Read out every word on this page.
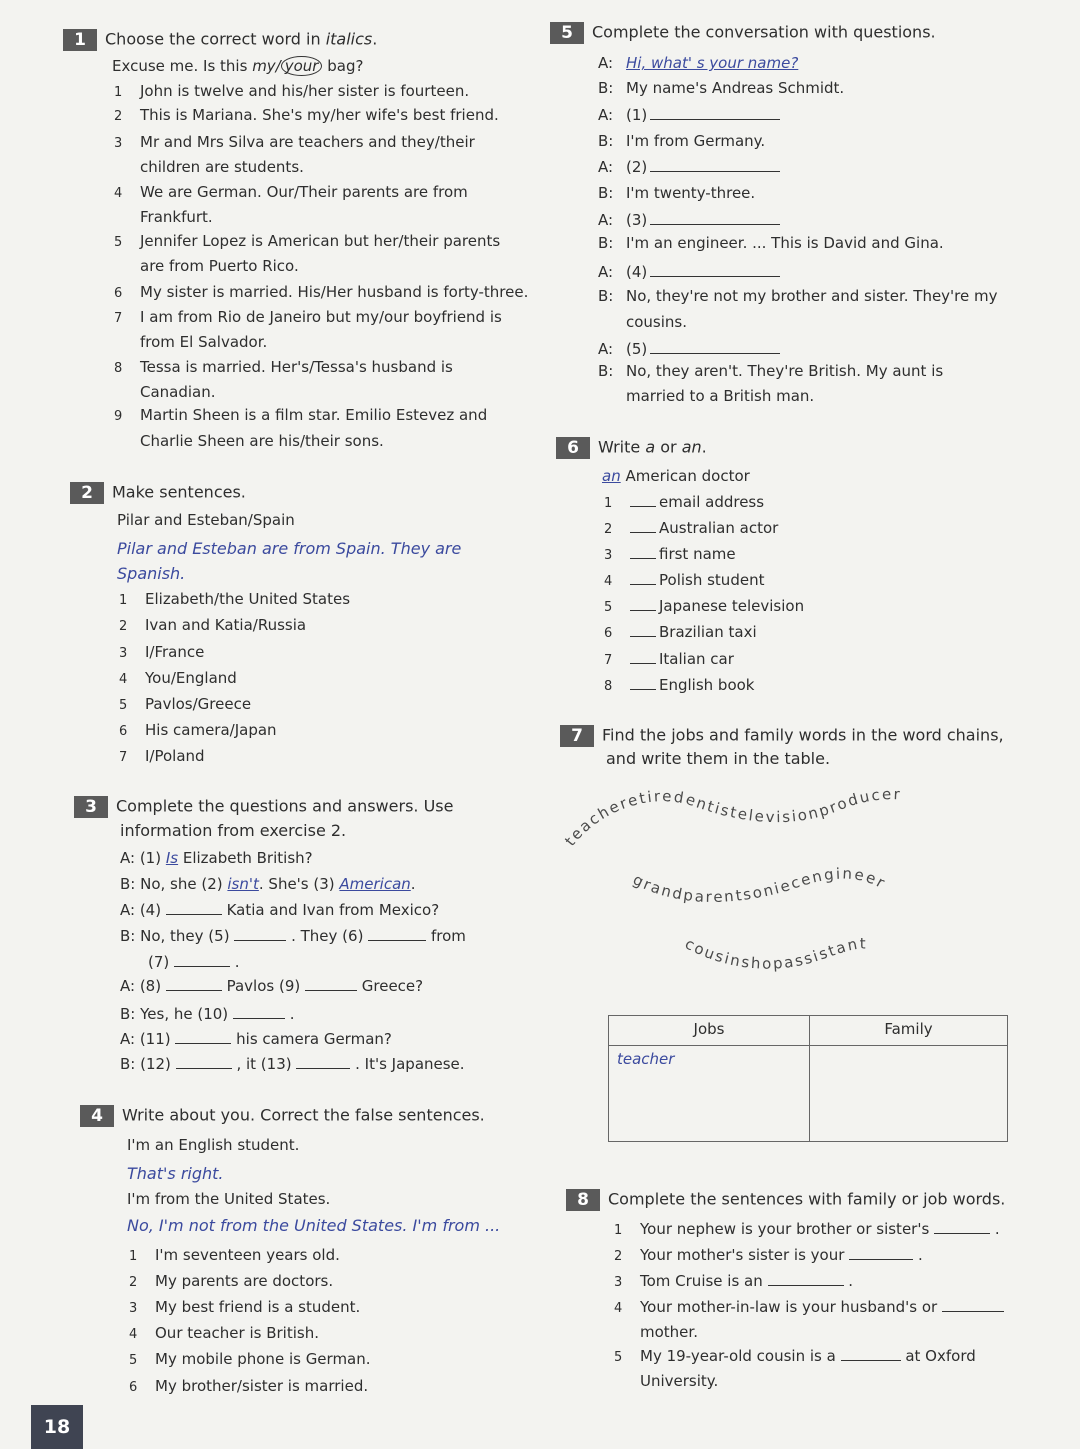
1 Choose the correct word in italics.
Excuse me. Is this my/ your bag?
1 John is twelve and his/her sister is fourteen.
2 This is Mariana. She's my/her wife's best friend.
3 Mr and Mrs Silva are teachers and they/their
children are students.
4 We are German. Our/Their parents are from
Frankfurt.
5 Jennifer Lopez is American but her/their parents
are from Puerto Rico.
6 My sister is married. His/Her husband is forty-three.
7 I am from Rio de Janeiro but my/our boyfriend is
from El Salvador.
8 Tessa is married. Her's/Tessa's husband is
Canadian.
9 Martin Sheen is a film star. Emilio Estevez and
Charlie Sheen are his/their sons.
2 Make sentences.
Pilar and Esteban/Spain
Pilar and Esteban are from Spain. They are
Spanish.
1 Elizabeth/the United States
2 Ivan and Katia/Russia
3 I/France
4 You/England
5 Pavlos/Greece
6 His camera/Japan
7 I/Poland
3 Complete the questions and answers. Use
information from exercise 2.
A: (1) Is Elizabeth British?
B: No, she (2) isn't. She's (3) American.
A: (4)	Katia and Ivan from Mexico?
B: No, they (5)	. They (6)	from
(7)	.
A: (8)	Pavlos (9)	Greece?
B: Yes, he (10)	.
A: (11)	his camera German?
B: (12)	, it (13)	. It's Japanese.
4 Write about you. Correct the false sentences.
I'm an English student.
That's right.
I'm from the United States.
No, I'm not from the United States. I'm from ...
1 I'm seventeen years old.
2 My parents are doctors.
3 My best friend is a student.
4 Our teacher is British.
5 My mobile phone is German.
6 My brother/sister is married.
5 Complete the conversation with questions.
A: Hi, what' s your name?
B: My name's Andreas Schmidt.
A: (1)
B: I'm from Germany.
A: (2)
B: I'm twenty-three.
A: (3)
B: I'm an engineer. ... This is David and Gina.
A: (4)
B: No, they're not my brother and sister. They're my
cousins.
A: (5)
B: No, they aren't. They're British. My aunt is
married to a British man.
6 Write a or an.
an American doctor
1	email address
2	Australian actor
3	first name
4	Polish student
5	Japanese television
6	Brazilian taxi
7	Italian car
8	English book
7 Find the jobs and family words in the word chains,
and write them in the table.
teacheretiredentistelevisionproducer
grandparentsoniecengineer
cousinshopassistant
Jobs	Family
teacher	
8 Complete the sentences with family or job words.
1 Your nephew is your brother or sister's	.
2 Your mother's sister is your	.
3 Tom Cruise is an	.
4 Your mother-in-law is your husband's or
mother.
5 My 19-year-old cousin is a	at Oxford
University.
18
